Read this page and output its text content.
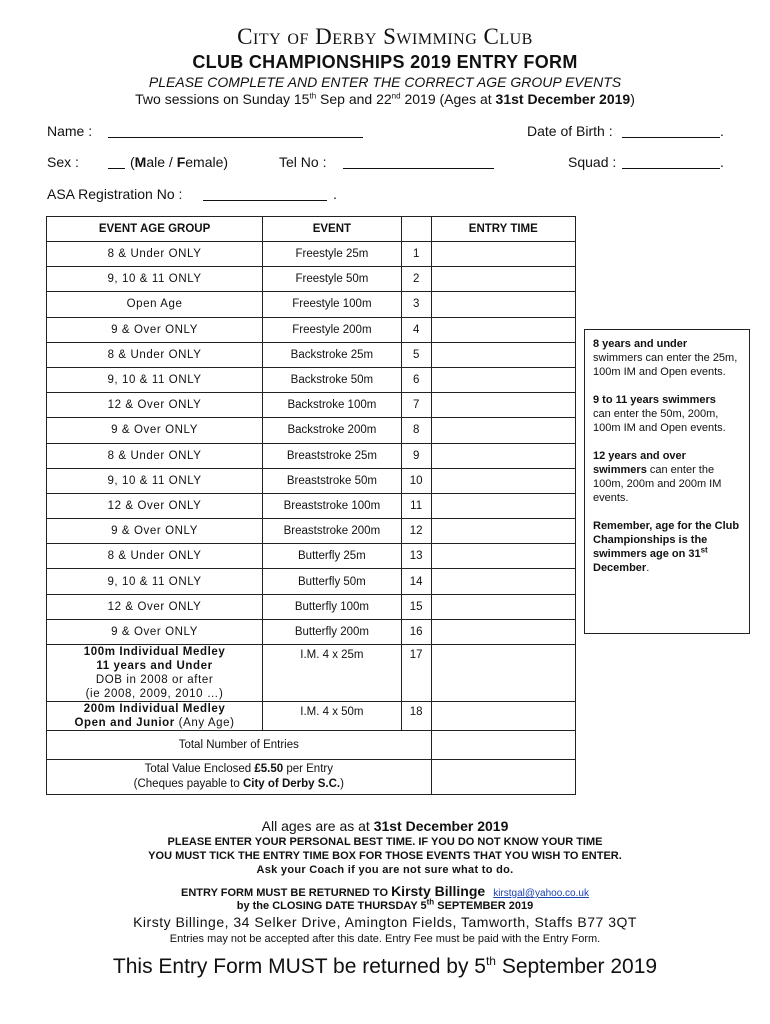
City of Derby Swimming Club
CLUB CHAMPIONSHIPS 2019 ENTRY FORM
PLEASE COMPLETE AND ENTER THE CORRECT AGE GROUP EVENTS
Two sessions on Sunday 15th Sep and 22nd 2019 (Ages at 31st December 2019)
Name :	Date of Birth :	.
Sex :	(Male / Female)	Tel No :	Squad :	.
ASA Registration No :	.
EVENT AGE GROUP	EVENT		ENTRY TIME
8 & Under ONLY	Freestyle 25m	1	
9, 10 & 11 ONLY	Freestyle 50m	2	
Open Age	Freestyle 100m	3	
9 & Over ONLY	Freestyle 200m	4	
8 & Under ONLY	Backstroke 25m	5	
9, 10 & 11 ONLY	Backstroke 50m	6	
12 & Over ONLY	Backstroke 100m	7	
9 & Over ONLY	Backstroke 200m	8	
8 & Under ONLY	Breaststroke 25m	9	
9, 10 & 11 ONLY	Breaststroke 50m	10	
12 & Over ONLY	Breaststroke 100m	11	
9 & Over ONLY	Breaststroke 200m	12	
8 & Under ONLY	Butterfly 25m	13	
9, 10 & 11 ONLY	Butterfly 50m	14	
12 & Over ONLY	Butterfly 100m	15	
9 & Over ONLY	Butterfly 200m	16	
100m Individual Medley
11 years and Under
DOB in 2008 or after
(ie 2008, 2009, 2010 …)	I.M. 4 x 25m	17	
200m Individual Medley
Open and Junior (Any Age)	I.M. 4 x 50m	18	
Total Number of Entries			
Total Value Enclosed £5.50 per Entry
(Cheques payable to City of Derby S.C.)			

8 years and under
swimmers can enter the 25m, 100m IM and Open events.

9 to 11 years swimmers
can enter the 50m, 200m, 100m IM and Open events.

12 years and over swimmers can enter the 100m, 200m and 200m IM events.

Remember, age for the Club Championships is the swimmers age on 31st December.

All ages are as at 31st December 2019
PLEASE ENTER YOUR PERSONAL BEST TIME. IF YOU DO NOT KNOW YOUR TIME
YOU MUST TICK THE ENTRY TIME BOX FOR THOSE EVENTS THAT YOU WISH TO ENTER.
Ask your Coach if you are not sure what to do.
ENTRY FORM MUST BE RETURNED TO Kirsty Billinge kirstgal@yahoo.co.uk
by the CLOSING DATE THURSDAY 5th SEPTEMBER 2019
Kirsty Billinge, 34 Selker Drive, Amington Fields, Tamworth, Staffs B77 3QT
Entries may not be accepted after this date. Entry Fee must be paid with the Entry Form.
This Entry Form MUST be returned by 5th September 2019
